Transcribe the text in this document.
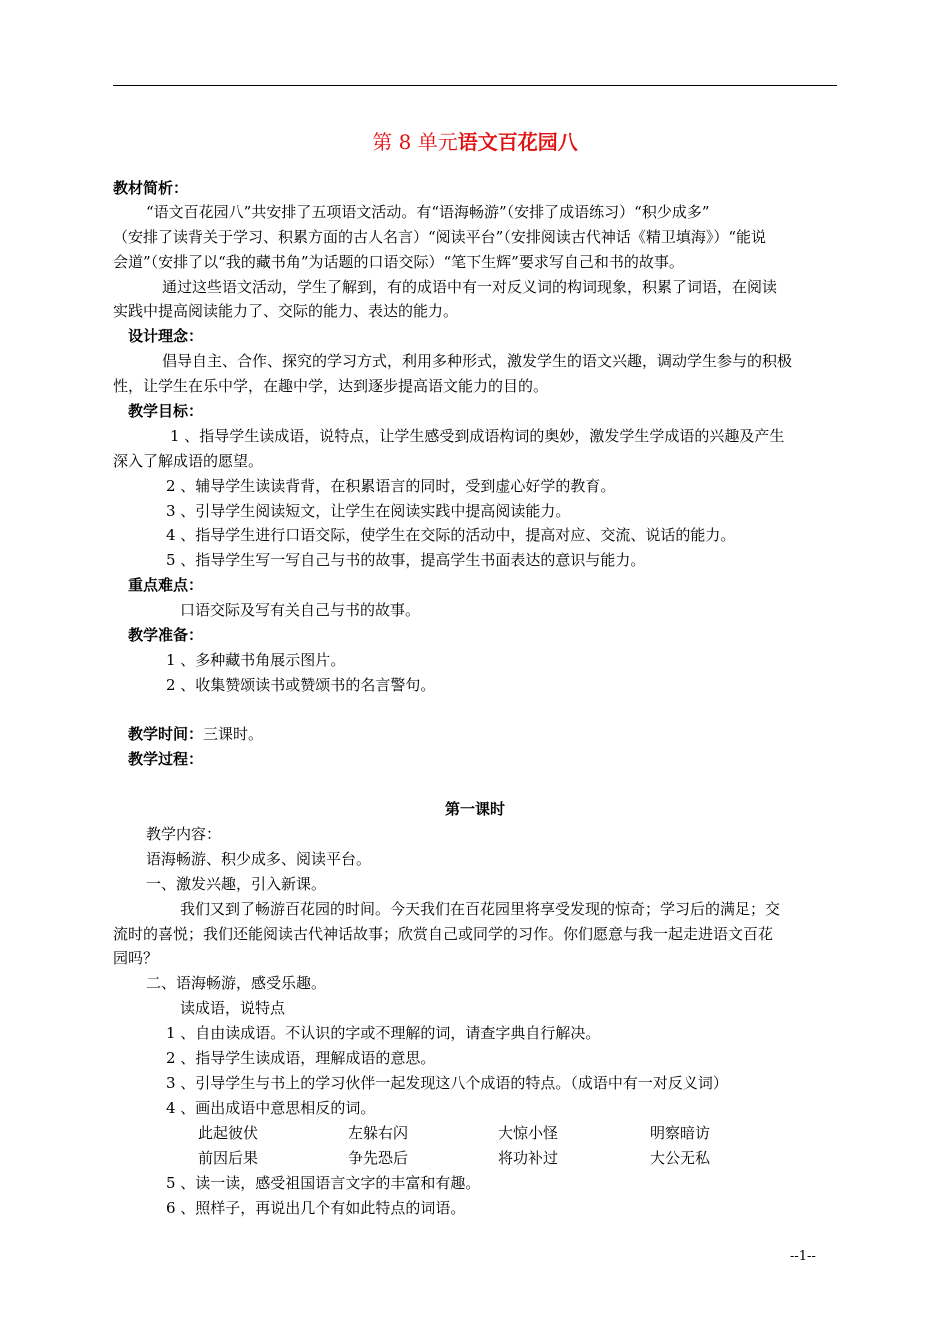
第 8 单元语文百花园八
教材简析：
“语文百花园八”共安排了五项语文活动。有“语海畅游”（安排了成语练习）“积少成多”
（安排了读背关于学习、积累方面的古人名言）“阅读平台”（安排阅读古代神话《精卫填海》）“能说
会道”（安排了以“我的藏书角”为话题的口语交际）“笔下生辉”要求写自己和书的故事。
通过这些语文活动，学生了解到，有的成语中有一对反义词的构词现象，积累了词语，在阅读
实践中提高阅读能力了、交际的能力、表达的能力。
设计理念：
倡导自主、合作、探究的学习方式，利用多种形式，激发学生的语文兴趣，调动学生参与的积极
性，让学生在乐中学，在趣中学，达到逐步提高语文能力的目的。
教学目标：
1 、指导学生读成语，说特点，让学生感受到成语构词的奥妙，激发学生学成语的兴趣及产生
深入了解成语的愿望。
2 、辅导学生读读背背，在积累语言的同时，受到虚心好学的教育。
3 、引导学生阅读短文，让学生在阅读实践中提高阅读能力。
4 、指导学生进行口语交际，使学生在交际的活动中，提高对应、交流、说话的能力。
5 、指导学生写一写自己与书的故事，提高学生书面表达的意识与能力。
重点难点：
口语交际及写有关自己与书的故事。
教学准备：
1 、多种藏书角展示图片。
2 、收集赞颂读书或赞颂书的名言警句。
教学时间：三课时。
教学过程：
第一课时
教学内容：
语海畅游、积少成多、阅读平台。
一、激发兴趣，引入新课。
我们又到了畅游百花园的时间。今天我们在百花园里将享受发现的惊奇；学习后的满足；交
流时的喜悦；我们还能阅读古代神话故事；欣赏自己或同学的习作。你们愿意与我一起走进语文百花
园吗？
二、语海畅游，感受乐趣。
读成语，说特点
1 、自由读成语。不认识的字或不理解的词，请查字典自行解决。
2 、指导学生读成语，理解成语的意思。
3 、引导学生与书上的学习伙伴一起发现这八个成语的特点。（成语中有一对反义词）
4 、画出成语中意思相反的词。
此起彼伏	左躲右闪	大惊小怪	明察暗访
前因后果	争先恐后	将功补过	大公无私
5 、读一读，感受祖国语言文字的丰富和有趣。
6 、照样子，再说出几个有如此特点的词语。
--1--
